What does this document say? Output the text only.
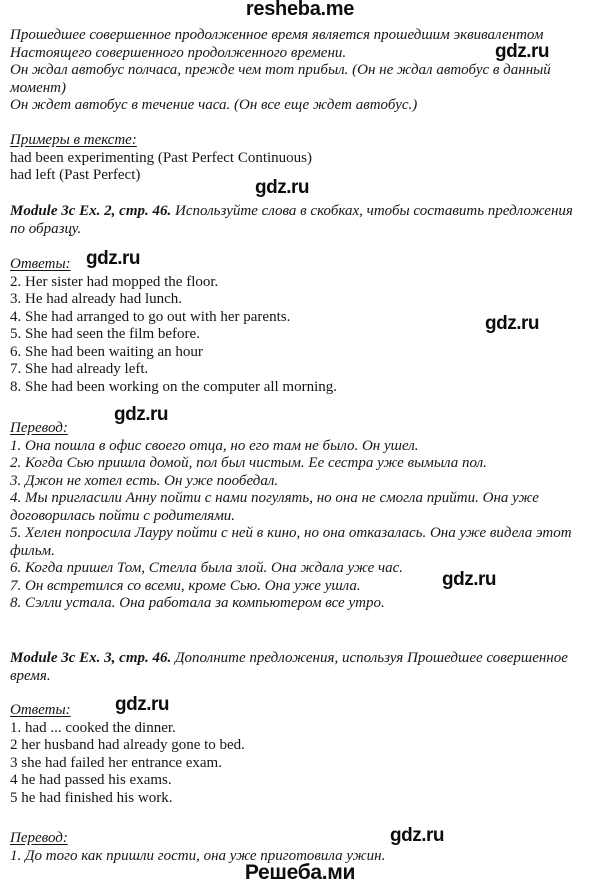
resheba.me
gdz.ru
gdz.ru
gdz.ru
gdz.ru
gdz.ru
gdz.ru
gdz.ru
gdz.ru

Прошедшее совершенное продолженное время является прошедшим эквивалентом Настоящего совершенного продолженного времени.

Он ждал автобус полчаса, прежде чем тот прибыл. (Он не ждал автобус в данный момент)

Он ждет автобус в течение часа. (Он все еще ждет автобус.)

Примеры в тексте:
had been experimenting (Past Perfect Continuous)
had left (Past Perfect)
Module 3c Ex. 2, стр. 46. Используйте слова в скобках, чтобы составить предложения по образцу.
Ответы:
2. Her sister had mopped the floor.
3. He had already had lunch.
4. She had arranged to go out with her parents.
5. She had seen the film before.
6. She had been waiting an hour
7. She had already left.
8. She had been working on the computer all morning.
Перевод:
1. Она пошла в офис своего отца, но его там не было. Он ушел.
2. Когда Сью пришла домой, пол был чистым. Ее сестра уже вымыла пол.
3. Джон не хотел есть. Он уже пообедал.
4. Мы пригласили Анну пойти с нами погулять, но она не смогла прийти. Она уже договорилась пойти с родителями.
5. Хелен попросила Лауру пойти с ней в кино, но она отказалась. Она уже видела этот фильм.
6. Когда пришел Том, Стелла была злой. Она ждала уже час.
7. Он встретился со всеми, кроме Сью. Она уже ушла.
8. Сэлли устала. Она работала за компьютером все утро.
Module 3c Ex. 3, стр. 46. Дополните предложения, используя Прошедшее совершенное время.
Ответы:
1. had ... cooked the dinner.
2 her husband had already gone to bed.
3 she had failed her entrance exam.
4 he had passed his exams.
5 he had finished his work.
Перевод:
1. До того как пришли гости, она уже приготовила ужин.
Решеба.ми
